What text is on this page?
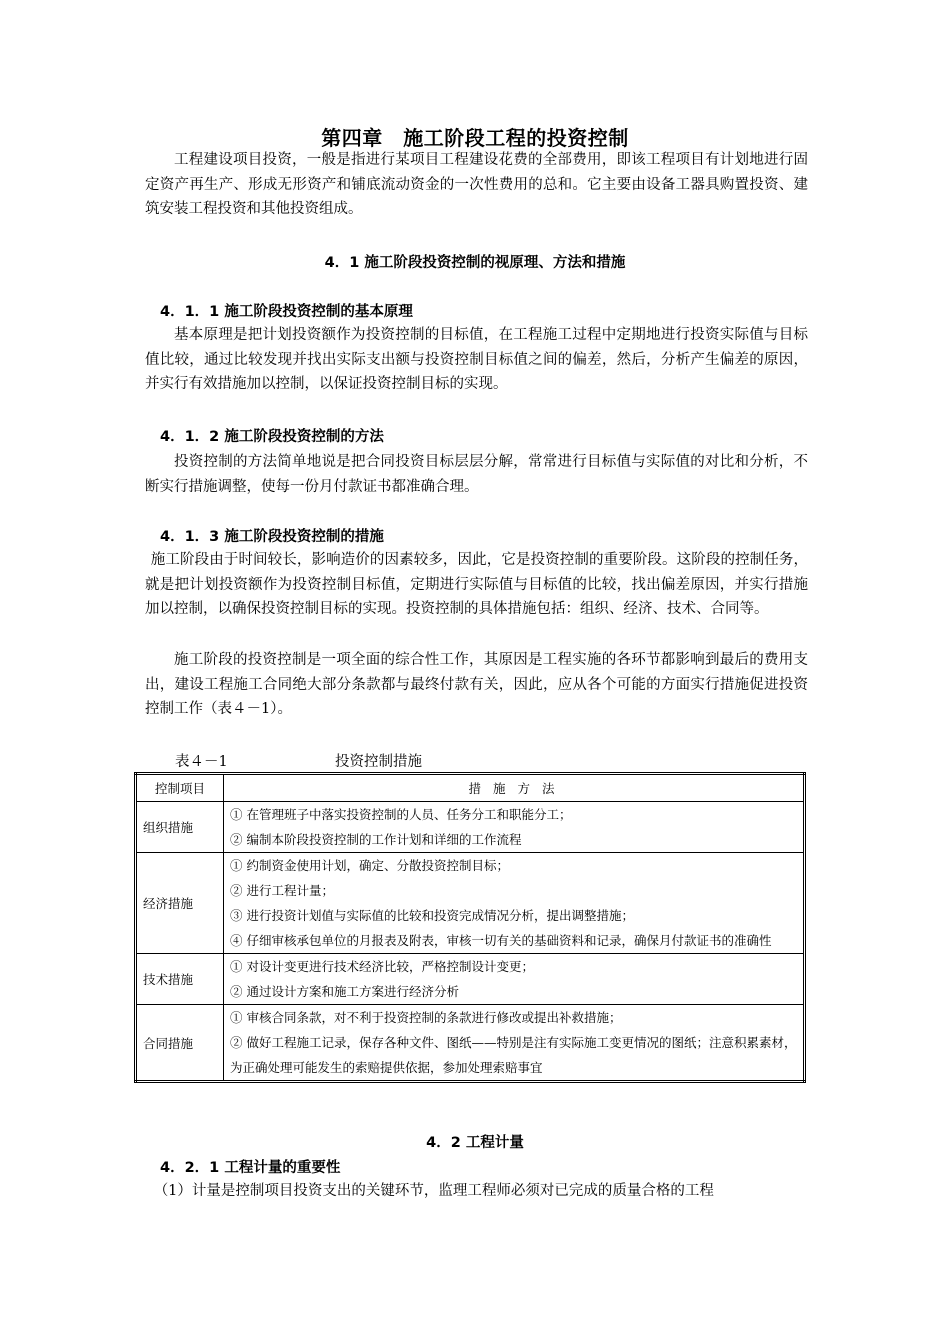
第四章　施工阶段工程的投资控制
工程建设项目投资，一般是指进行某项目工程建设花费的全部费用，即该工程项目有计划地进行固定资产再生产、形成无形资产和铺底流动资金的一次性费用的总和。它主要由设备工器具购置投资、建筑安装工程投资和其他投资组成。
4．1 施工阶段投资控制的视原理、方法和措施
4．1．1 施工阶段投资控制的基本原理
基本原理是把计划投资额作为投资控制的目标值，在工程施工过程中定期地进行投资实际值与目标值比较，通过比较发现并找出实际支出额与投资控制目标值之间的偏差，然后，分析产生偏差的原因，并实行有效措施加以控制，以保证投资控制目标的实现。
4．1．2 施工阶段投资控制的方法
投资控制的方法简单地说是把合同投资目标层层分解，常常进行目标值与实际值的对比和分析，不断实行措施调整，使每一份月付款证书都准确合理。
4．1．3 施工阶段投资控制的措施
施工阶段由于时间较长，影响造价的因素较多，因此，它是投资控制的重要阶段。这阶段的控制任务，就是把计划投资额作为投资控制目标值，定期进行实际值与目标值的比较，找出偏差原因，并实行措施加以控制，以确保投资控制目标的实现。投资控制的具体措施包括：组织、经济、技术、合同等。
施工阶段的投资控制是一项全面的综合性工作，其原因是工程实施的各环节都影响到最后的费用支出，建设工程施工合同绝大部分条款都与最终付款有关，因此，应从各个可能的方面实行措施促进投资控制工作（表４－1）。
表４－1	投资控制措施
控制项目	措 施 方 法
组织措施	① 在管理班子中落实投资控制的人员、任务分工和职能分工；
② 编制本阶段投资控制的工作计划和详细的工作流程

经济措施	① 约制资金使用计划，确定、分散投资控制目标；
② 进行工程计量；
③ 进行投资计划值与实际值的比较和投资完成情况分析，提出调整措施；
④ 仔细审核承包单位的月报表及附表，审核一切有关的基础资料和记录，确保月付款证书的准确性

技术措施	① 对设计变更进行技术经济比较，严格控制设计变更；
② 通过设计方案和施工方案进行经济分析

合同措施	① 审核合同条款，对不利于投资控制的条款进行修改或提出补救措施；
② 做好工程施工记录，保存各种文件、图纸——特别是注有实际施工变更情况的图纸；注意积累素材，为正确处理可能发生的索赔提供依据，参加处理索赔事宜
4．2 工程计量
4．2．1 工程计量的重要性
（1）计量是控制项目投资支出的关键环节，监理工程师必须对已完成的质量合格的工程
